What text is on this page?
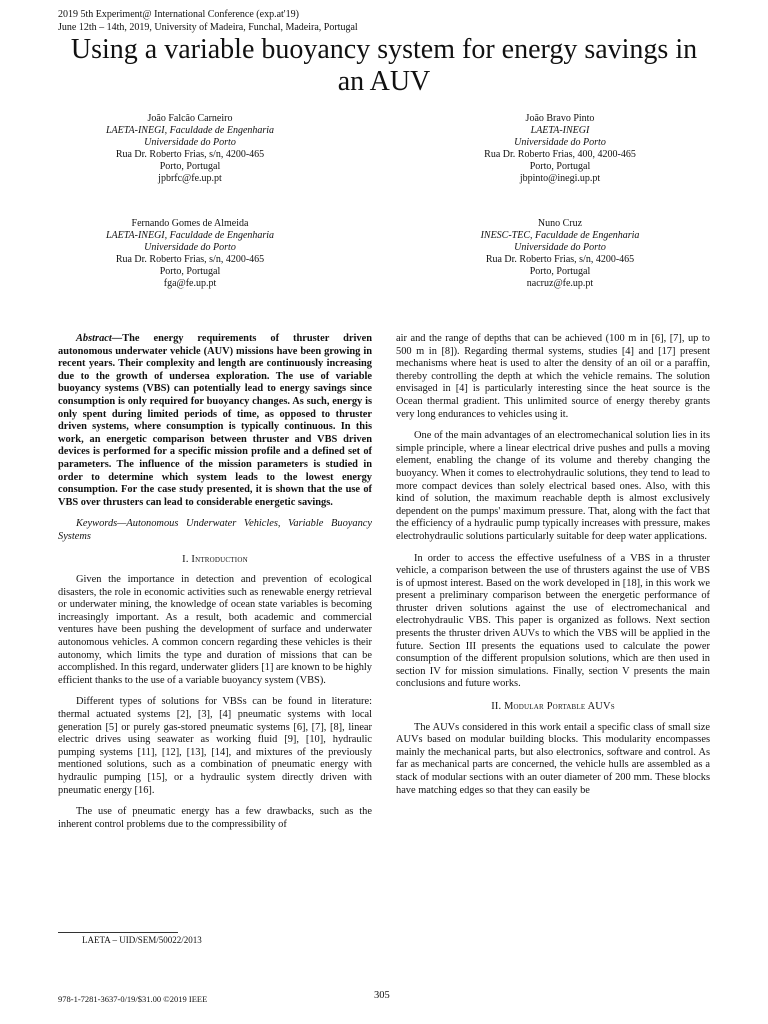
2019 5th Experiment@ International Conference (exp.at'19)
June 12th – 14th, 2019, University of Madeira, Funchal, Madeira, Portugal
Using a variable buoyancy system for energy savings in an AUV
João Falcão Carneiro
LAETA-INEGI, Faculdade de Engenharia
Universidade do Porto
Rua Dr. Roberto Frias, s/n, 4200-465
Porto, Portugal
jpbrfc@fe.up.pt
João Bravo Pinto
LAETA-INEGI
Universidade do Porto
Rua Dr. Roberto Frias, 400, 4200-465
Porto, Portugal
jbpinto@inegi.up.pt
Fernando Gomes de Almeida
LAETA-INEGI, Faculdade de Engenharia
Universidade do Porto
Rua Dr. Roberto Frias, s/n, 4200-465
Porto, Portugal
fga@fe.up.pt
Nuno Cruz
INESC-TEC, Faculdade de Engenharia
Universidade do Porto
Rua Dr. Roberto Frias, s/n, 4200-465
Porto, Portugal
nacruz@fe.up.pt

Abstract—The energy requirements of thruster driven autonomous underwater vehicle (AUV) missions have been growing in recent years. Their complexity and length are continuously increasing due to the growth of undersea exploration. The use of variable buoyancy systems (VBS) can potentially lead to energy savings since consumption is only required for buoyancy changes. As such, energy is only spent during limited periods of time, as opposed to thruster driven systems, where consumption is typically continuous. In this work, an energetic comparison between thruster and VBS driven devices is performed for a specific mission profile and a defined set of parameters. The influence of the mission parameters is studied in order to determine which system leads to the lowest energy consumption. For the case study presented, it is shown that the use of VBS over thrusters can lead to considerable energetic savings.

Keywords—Autonomous Underwater Vehicles, Variable Buoyancy Systems

I. Introduction

Given the importance in detection and prevention of ecological disasters, the role in economic activities such as renewable energy retrieval or underwater mining, the knowledge of ocean state variables is becoming increasingly important. As a result, both academic and commercial ventures have been pushing the development of surface and underwater autonomous vehicles. A common concern regarding these vehicles is their autonomy, which limits the type and duration of missions that can be accomplished. In this regard, underwater gliders [1] are known to be highly efficient thanks to the use of a variable buoyancy system (VBS).

Different types of solutions for VBSs can be found in literature: thermal actuated systems [2], [3], [4] pneumatic systems with local generation [5] or purely gas-stored pneumatic systems [6], [7], [8], linear electric drives using seawater as working fluid [9], [10], hydraulic pumping systems [11], [12], [13], [14], and mixtures of the previously mentioned solutions, such as a combination of pneumatic energy with hydraulic pumping [15], or a hydraulic system directly driven with pneumatic energy [16].

The use of pneumatic energy has a few drawbacks, such as the inherent control problems due to the compressibility of

air and the range of depths that can be achieved (100 m in [6], [7], up to 500 m in [8]). Regarding thermal systems, studies [4] and [17] present mechanisms where heat is used to alter the density of an oil or a paraffin, thereby controlling the depth at which the vehicle remains. The solution envisaged in [4] is particularly interesting since the heat source is the Ocean thermal gradient. This unlimited source of energy thereby grants very long endurances to vehicles using it.

One of the main advantages of an electromechanical solution lies in its simple principle, where a linear electrical drive pushes and pulls a moving element, enabling the change of its volume and thereby changing the buoyancy. When it comes to electrohydraulic solutions, they tend to lead to more compact devices than solely electrical based ones. Also, with this kind of solution, the maximum reachable depth is almost exclusively dependent on the pumps' maximum pressure. That, along with the fact that the efficiency of a hydraulic pump typically increases with pressure, makes electrohydraulic solutions particularly suitable for deep water applications.

In order to access the effective usefulness of a VBS in a thruster vehicle, a comparison between the use of thrusters against the use of VBS is of upmost interest. Based on the work developed in [18], in this work we present a preliminary comparison between the energetic performance of thruster driven solutions against the use of electromechanical and electrohydraulic VBS. This paper is organized as follows. Next section presents the thruster driven AUVs to which the VBS will be applied in the future. Section III presents the equations used to calculate the power consumption of the different propulsion solutions, which are then used in section IV for mission simulations. Finally, section V presents the main conclusions and future works.

II. Modular Portable AUVs

The AUVs considered in this work entail a specific class of small size AUVs based on modular building blocks. This modularity encompasses mainly the mechanical parts, but also electronics, software and control. As far as mechanical parts are concerned, the vehicle hulls are assembled as a stack of modular sections with an outer diameter of 200 mm. These blocks have matching edges so that they can easily be

LAETA – UID/SEM/50022/2013
978-1-7281-3637-0/19/$31.00 ©2019 IEEE	305
